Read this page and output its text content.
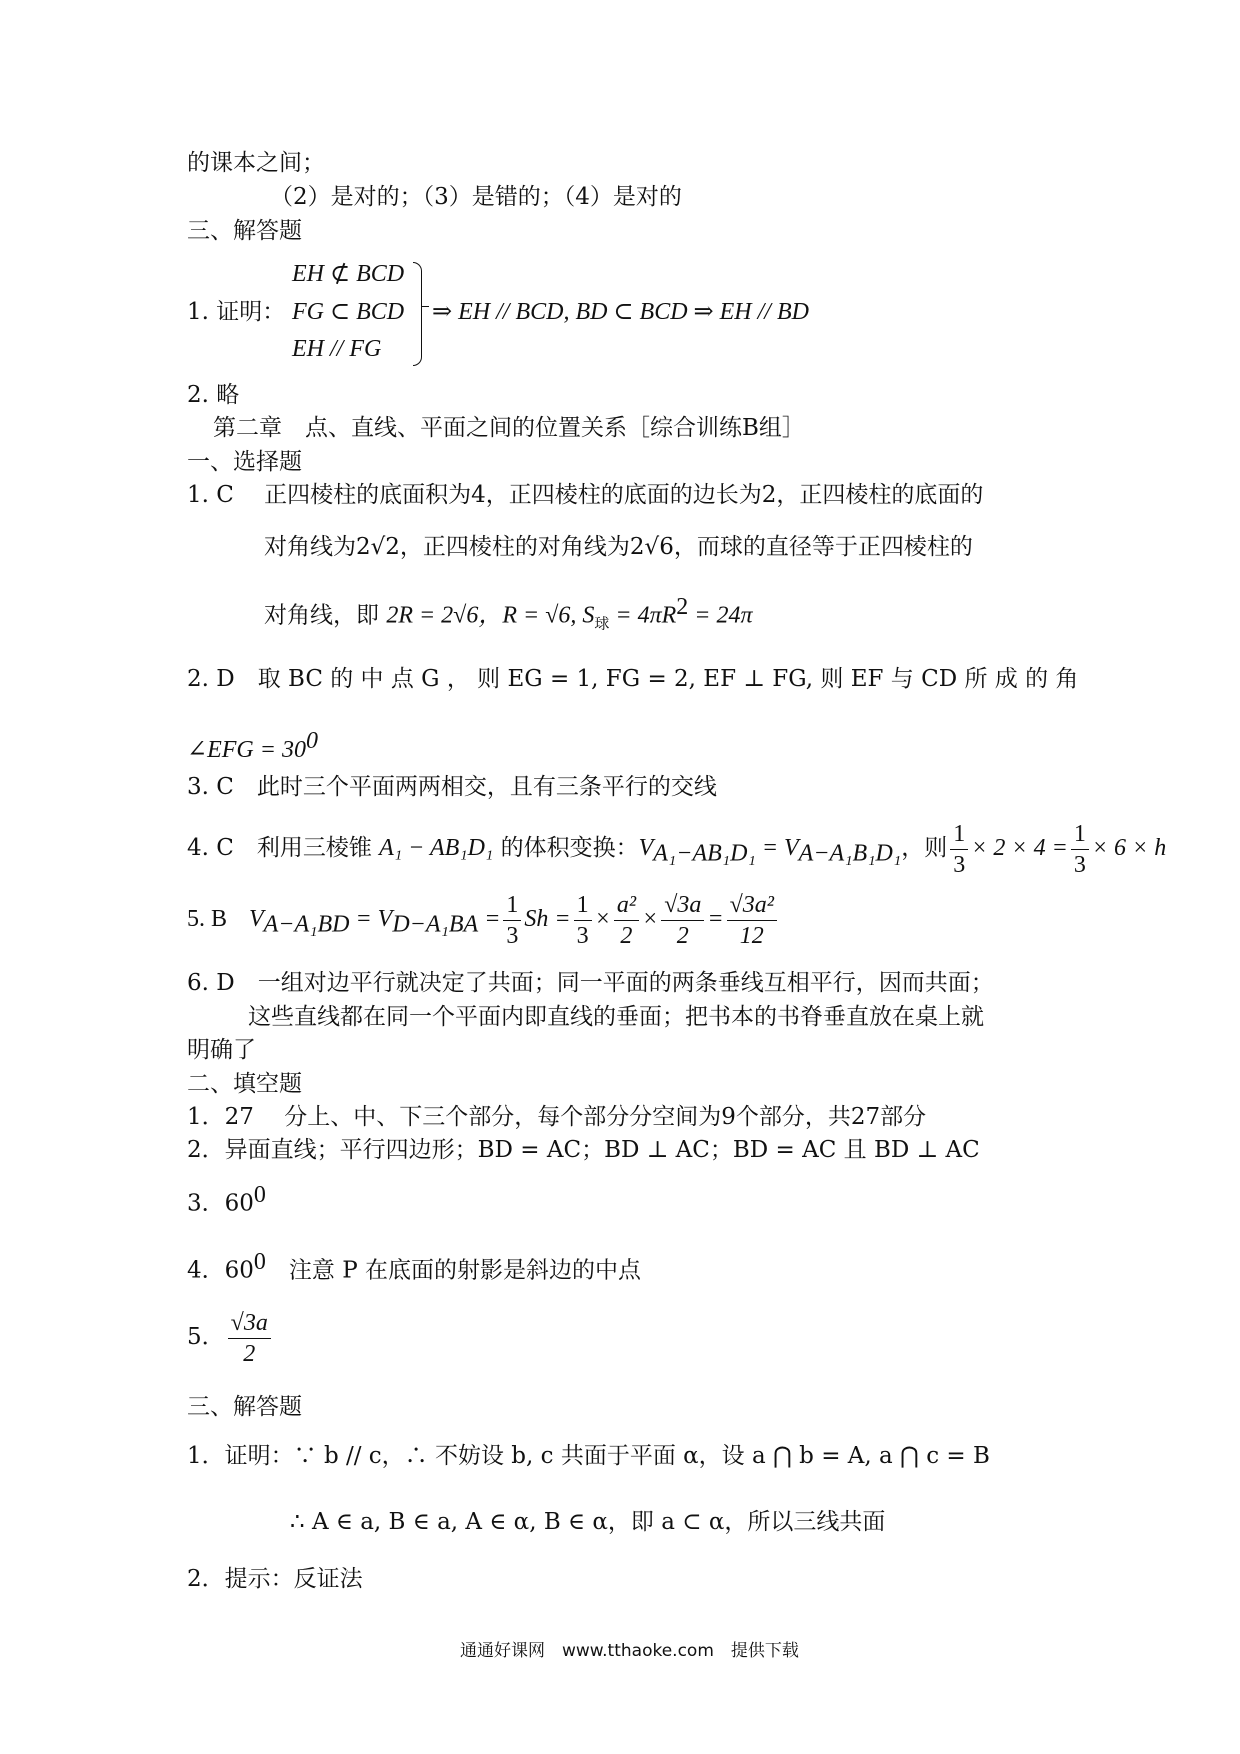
的课本之间；
（2）是对的；（3）是错的；（4）是对的
三、解答题
1. 证明：
EH ⊄ BCD
FG ⊂ BCD
EH // FG
⇒ EH // BCD, BD ⊂ BCD ⇒ EH // BD
2. 略
第二章　点、直线、平面之间的位置关系［综合训练B组］
一、选择题
1. C　 正四棱柱的底面积为4，正四棱柱的底面的边长为2，正四棱柱的底面的
对角线为2√2，正四棱柱的对角线为2√6，而球的直径等于正四棱柱的
对角线，即 2R = 2√6，R = √6, $S_球 = 4\pi R^2 = 24\pi$
2. D　取 BC 的 中 点 G ， 则 EG = 1, FG = 2, EF ⊥ FG, 则 EF 与 CD 所 成 的 角
∠EFG = $30^0$
3. C　此时三个平面两两相交，且有三条平行的交线
4. C　利用三棱锥 A₁ − AB₁D₁ 的体积变换：$V_{A_1-AB_1D_1} = V_{A-A_1B_1D_1}$，则 $\frac{1}{3} \times 2 \times 4 = \frac{1}{3} \times 6 \times h$
5. B $V_{A-A_1BD} = V_{D-A_1BA} = \frac{1}{3}$ $Sh = \frac{1}{3} \times \frac{\text{a²}}{2} \times \frac{√3a}{2} = \frac{\text{√3a²}}{12}$
6. D　一组对边平行就决定了共面；同一平面的两条垂线互相平行，因而共面；
这些直线都在同一个平面内即直线的垂面；把书本的书脊垂直放在桌上就
明确了
二、填空题
1．27　 分上、中、下三个部分，每个部分分空间为9个部分，共27部分
2．异面直线；平行四边形；BD = AC；BD ⊥ AC；BD = AC 且 BD ⊥ AC
3．$60^0$
4．$60^0$　注意 P 在底面的射影是斜边的中点
5． $\frac{√3a}{2}$
三、解答题
1．证明：∵ b // c，∴ 不妨设 b, c 共面于平面 α，设 a ⋂ b = A, a ⋂ c = B
∴ A ∈ a, B ∈ a, A ∈ α, B ∈ α，即 a ⊂ α，所以三线共面
2．提示：反证法
通通好课网　www.tthaoke.com　提供下载
